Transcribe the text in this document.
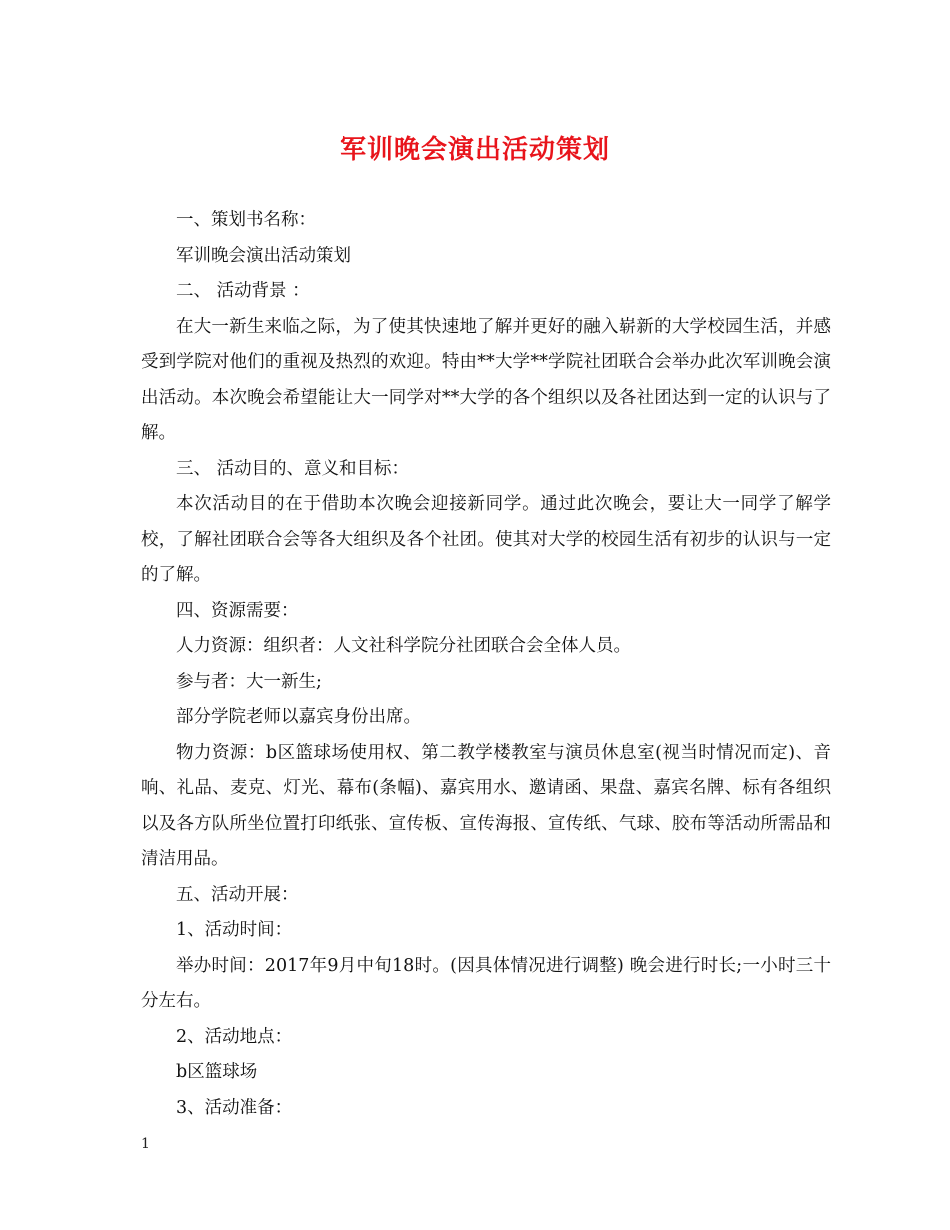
军训晚会演出活动策划

一、策划书名称：

军训晚会演出活动策划

二、 活动背景 ：

在大一新生来临之际，为了使其快速地了解并更好的融入崭新的大学校园生活，并感受到学院对他们的重视及热烈的欢迎。特由**大学**学院社团联合会举办此次军训晚会演出活动。本次晚会希望能让大一同学对**大学的各个组织以及各社团达到一定的认识与了解。

三、 活动目的、意义和目标：

本次活动目的在于借助本次晚会迎接新同学。通过此次晚会，要让大一同学了解学校，了解社团联合会等各大组织及各个社团。使其对大学的校园生活有初步的认识与一定的了解。

四、资源需要：

人力资源：组织者：人文社科学院分社团联合会全体人员。

参与者：大一新生;

部分学院老师以嘉宾身份出席。

物力资源：b区篮球场使用权、第二教学楼教室与演员休息室(视当时情况而定)、音响、礼品、麦克、灯光、幕布(条幅)、嘉宾用水、邀请函、果盘、嘉宾名牌、标有各组织以及各方队所坐位置打印纸张、宣传板、宣传海报、宣传纸、气球、胶布等活动所需品和清洁用品。

五、活动开展：

1、活动时间：

举办时间：2017年9月中旬18时。(因具体情况进行调整) 晚会进行时长;一小时三十分左右。

2、活动地点：

b区篮球场

3、活动准备：

1
